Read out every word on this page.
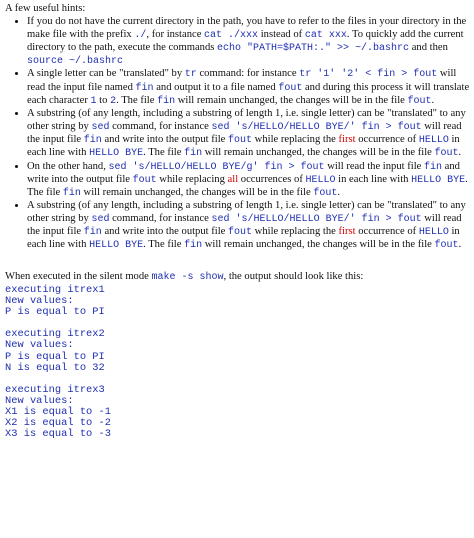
A few useful hints:
• If you do not have the current directory in the path, you have to refer to the files in your directory in the make file with the prefix ./, for instance cat ./xxx instead of cat xxx. To quickly add the current directory to the path, execute the commands echo "PATH=$PATH:." >> ~/.bashrc and then source ~/.bashrc
• A single letter can be "translated" by tr command: for instance tr '1' '2' < fin > fout will read the input file named fin and output it to a file named fout and during this process it will translate each character 1 to 2. The file fin will remain unchanged, the changes will be in the file fout.
• A substring (of any length, including a substring of length 1, i.e. single letter) can be "translated" to any other string by sed command, for instance sed 's/HELLO/HELLO BYE/' fin > fout will read the input file fin and write into the output file fout while replacing the first occurrence of HELLO in each line with HELLO BYE. The file fin will remain unchanged, the changes will be in the file fout.
• On the other hand, sed 's/HELLO/HELLO BYE/g' fin > fout will read the input file fin and write into the output file fout while replacing all occurrences of HELLO in each line with HELLO BYE. The file fin will remain unchanged, the changes will be in the file fout.
• A substring (of any length, including a substring of length 1, i.e. single letter) can be "translated" to any other string by sed command, for instance sed 's/HELLO/HELLO BYE/' fin > fout will read the input file fin and write into the output file fout while replacing the first occurrence of HELLO in each line with HELLO BYE. The file fin will remain unchanged, the changes will be in the file fout.
When executed in the silent mode make -s show, the output should look like this:
executing itrex1
New values:
P is equal to PI

executing itrex2
New values:
P is equal to PI
N is equal to 32

executing itrex3
New values:
X1 is equal to -1
X2 is equal to -2
X3 is equal to -3
